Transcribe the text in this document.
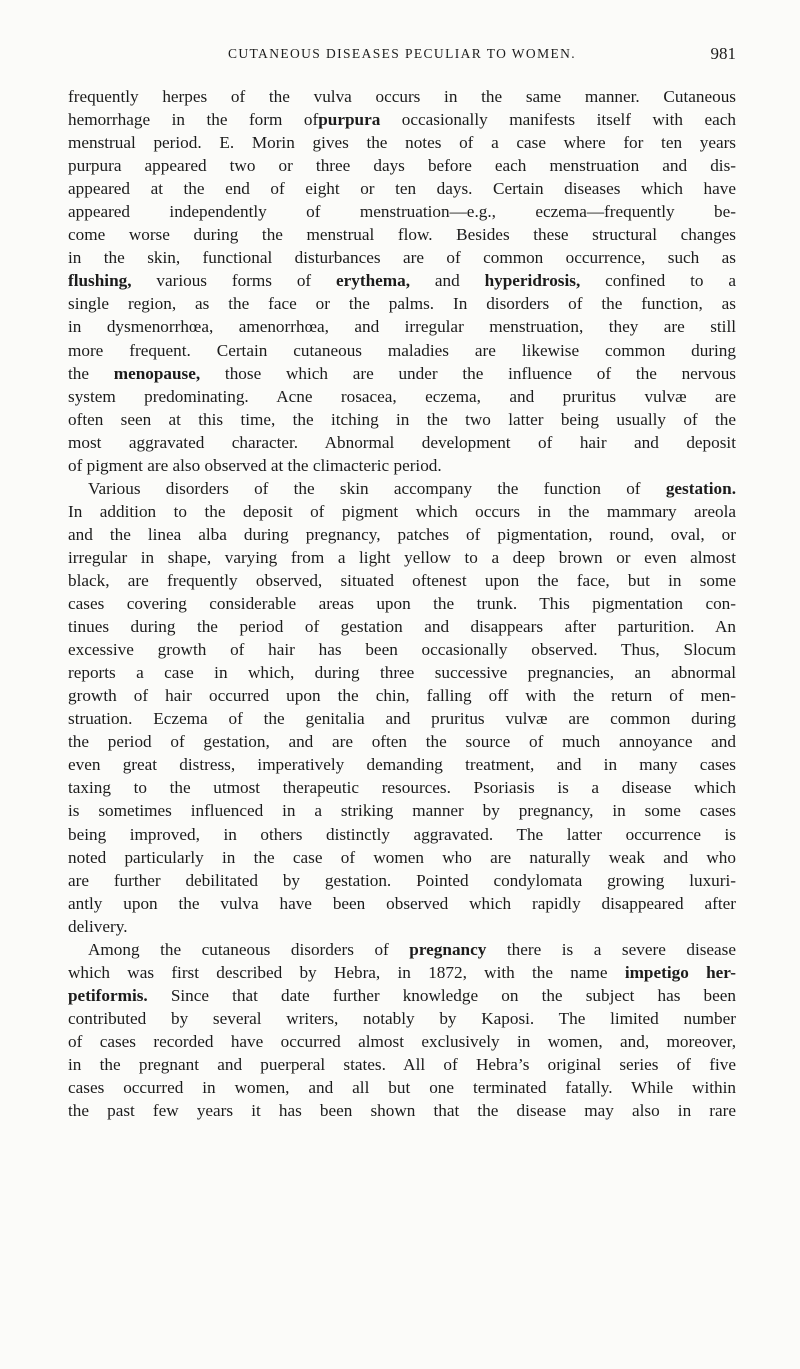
CUTANEOUS DISEASES PECULIAR TO WOMEN.	981
frequently herpes of the vulva occurs in the same manner. Cutaneous
hemorrhage in the form ofpurpura occasionally manifests itself with each
menstrual period. E. Morin gives the notes of a case where for ten years
purpura appeared two or three days before each menstruation and dis-
appeared at the end of eight or ten days. Certain diseases which have
appeared independently of menstruation—e.g., eczema—frequently be-
come worse during the menstrual flow. Besides these structural changes
in the skin, functional disturbances are of common occurrence, such as
flushing, various forms of erythema, and hyperidrosis, confined to a
single region, as the face or the palms. In disorders of the function, as
in dysmenorrhœa, amenorrhœa, and irregular menstruation, they are still
more frequent. Certain cutaneous maladies are likewise common during
the menopause, those which are under the influence of the nervous
system predominating. Acne rosacea, eczema, and pruritus vulvæ are
often seen at this time, the itching in the two latter being usually of the
most aggravated character. Abnormal development of hair and deposit
of pigment are also observed at the climacteric period.
Various disorders of the skin accompany the function of gestation.
In addition to the deposit of pigment which occurs in the mammary areola
and the linea alba during pregnancy, patches of pigmentation, round, oval, or
irregular in shape, varying from a light yellow to a deep brown or even almost
black, are frequently observed, situated oftenest upon the face, but in some
cases covering considerable areas upon the trunk. This pigmentation con-
tinues during the period of gestation and disappears after parturition. An
excessive growth of hair has been occasionally observed. Thus, Slocum
reports a case in which, during three successive pregnancies, an abnormal
growth of hair occurred upon the chin, falling off with the return of men-
struation. Eczema of the genitalia and pruritus vulvæ are common during
the period of gestation, and are often the source of much annoyance and
even great distress, imperatively demanding treatment, and in many cases
taxing to the utmost therapeutic resources. Psoriasis is a disease which
is sometimes influenced in a striking manner by pregnancy, in some cases
being improved, in others distinctly aggravated. The latter occurrence is
noted particularly in the case of women who are naturally weak and who
are further debilitated by gestation. Pointed condylomata growing luxuri-
antly upon the vulva have been observed which rapidly disappeared after
delivery.
Among the cutaneous disorders of pregnancy there is a severe disease
which was first described by Hebra, in 1872, with the name impetigo her-
petiformis. Since that date further knowledge on the subject has been
contributed by several writers, notably by Kaposi. The limited number
of cases recorded have occurred almost exclusively in women, and, moreover,
in the pregnant and puerperal states. All of Hebra’s original series of five
cases occurred in women, and all but one terminated fatally. While within
the past few years it has been shown that the disease may also in rare
